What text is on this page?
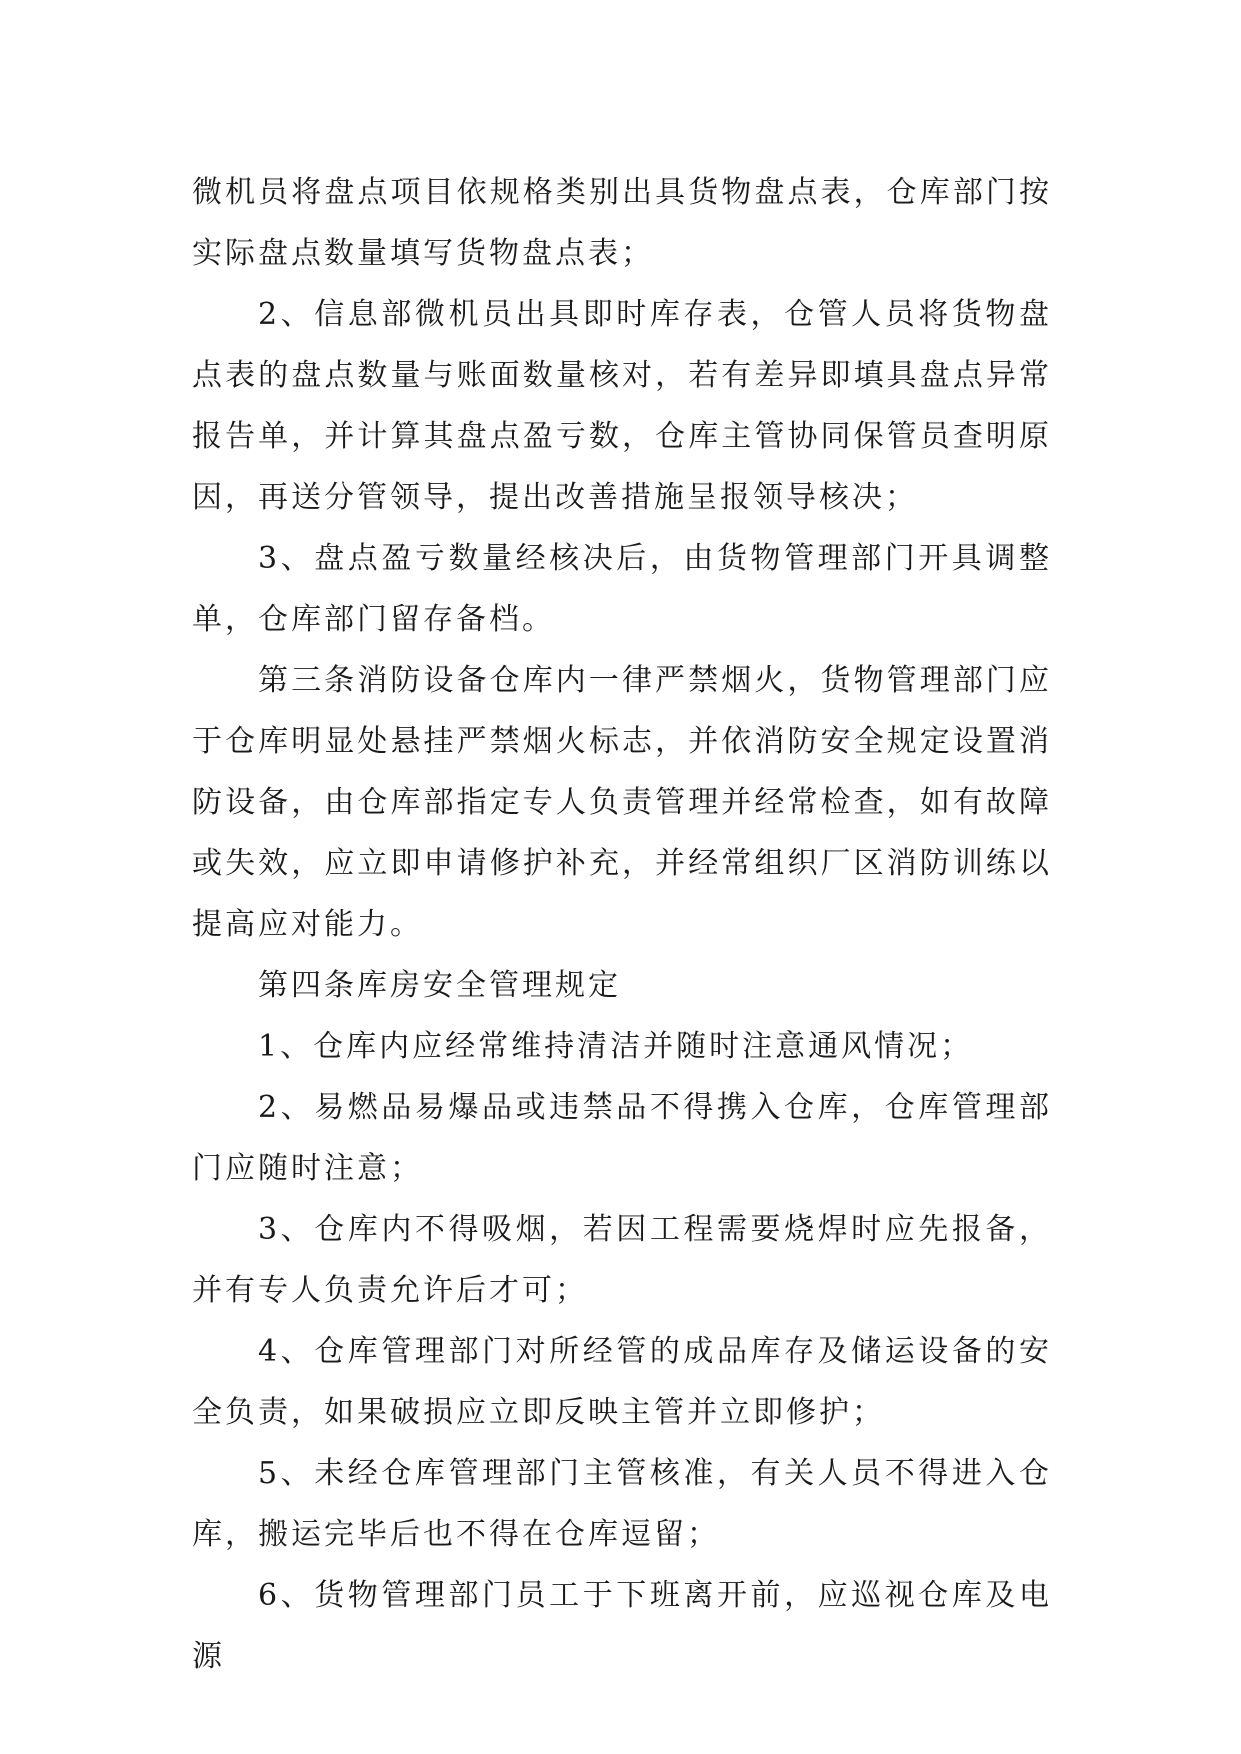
微机员将盘点项目依规格类别出具货物盘点表，仓库部门按实际盘点数量填写货物盘点表；

2、信息部微机员出具即时库存表，仓管人员将货物盘点表的盘点数量与账面数量核对，若有差异即填具盘点异常报告单，并计算其盘点盈亏数，仓库主管协同保管员查明原因，再送分管领导，提出改善措施呈报领导核决；

3、盘点盈亏数量经核决后，由货物管理部门开具调整单，仓库部门留存备档。

第三条消防设备仓库内一律严禁烟火，货物管理部门应于仓库明显处悬挂严禁烟火标志，并依消防安全规定设置消防设备，由仓库部指定专人负责管理并经常检查，如有故障或失效，应立即申请修护补充，并经常组织厂区消防训练以提高应对能力。

第四条库房安全管理规定

1、仓库内应经常维持清洁并随时注意通风情况；

2、易燃品易爆品或违禁品不得携入仓库，仓库管理部门应随时注意；

3、仓库内不得吸烟，若因工程需要烧焊时应先报备，并有专人负责允许后才可；

4、仓库管理部门对所经管的成品库存及储运设备的安全负责，如果破损应立即反映主管并立即修护；

5、未经仓库管理部门主管核准，有关人员不得进入仓库，搬运完毕后也不得在仓库逗留；

6、货物管理部门员工于下班离开前，应巡视仓库及电源
